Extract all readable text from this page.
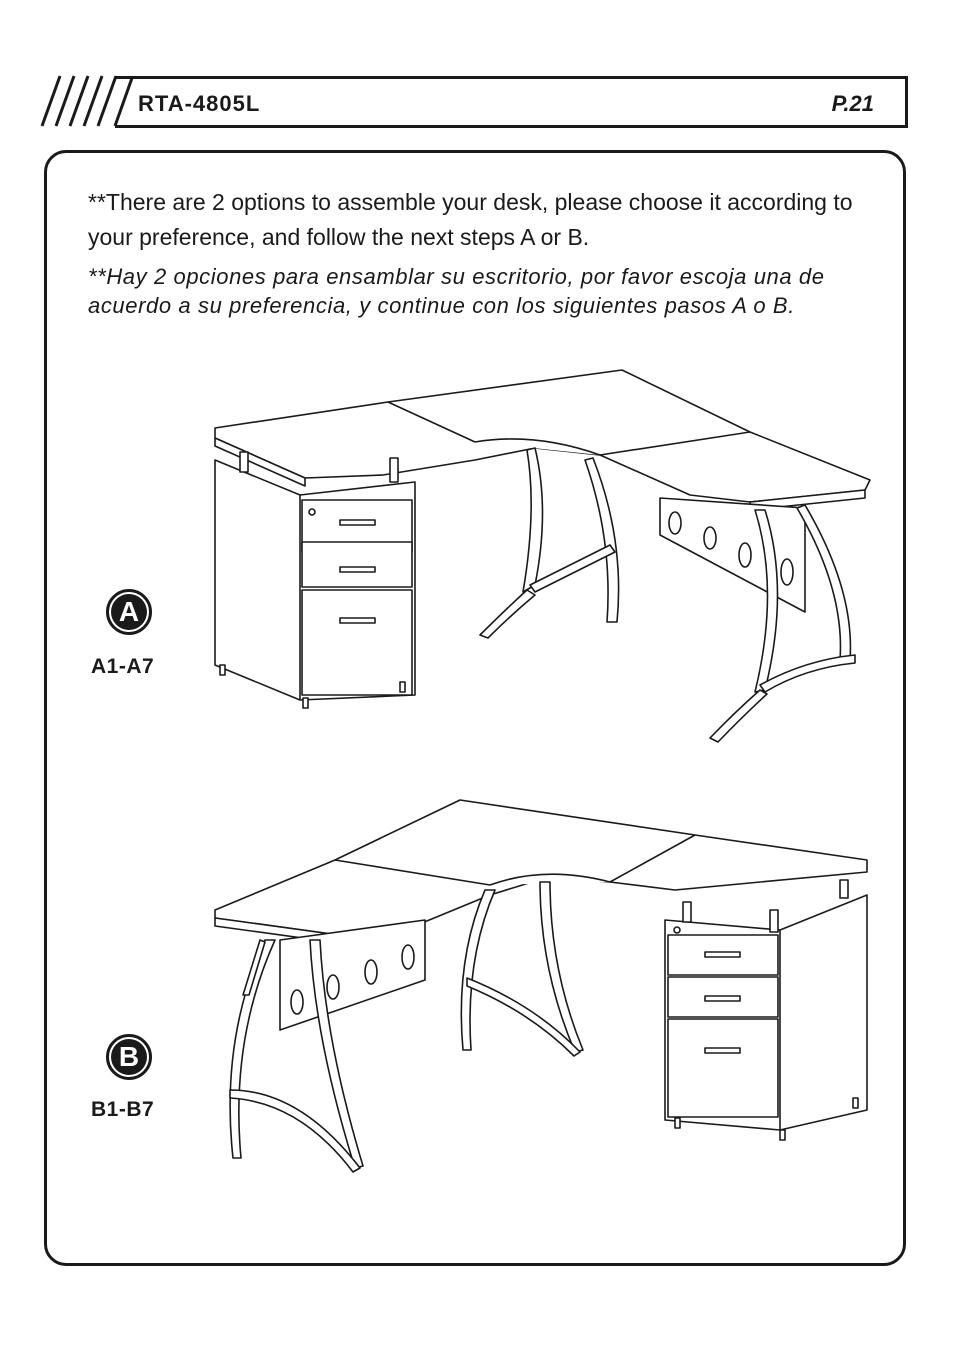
RTA-4805L	P.21
**There are 2 options to assemble your desk, please choose it according to your preference, and follow the next steps A or B.
**Hay 2 opciones para ensamblar su escritorio, por favor escoja una de acuerdo a su preferencia, y continue con los siguientes pasos A o B.
A
A1-A7
B
B1-B7
